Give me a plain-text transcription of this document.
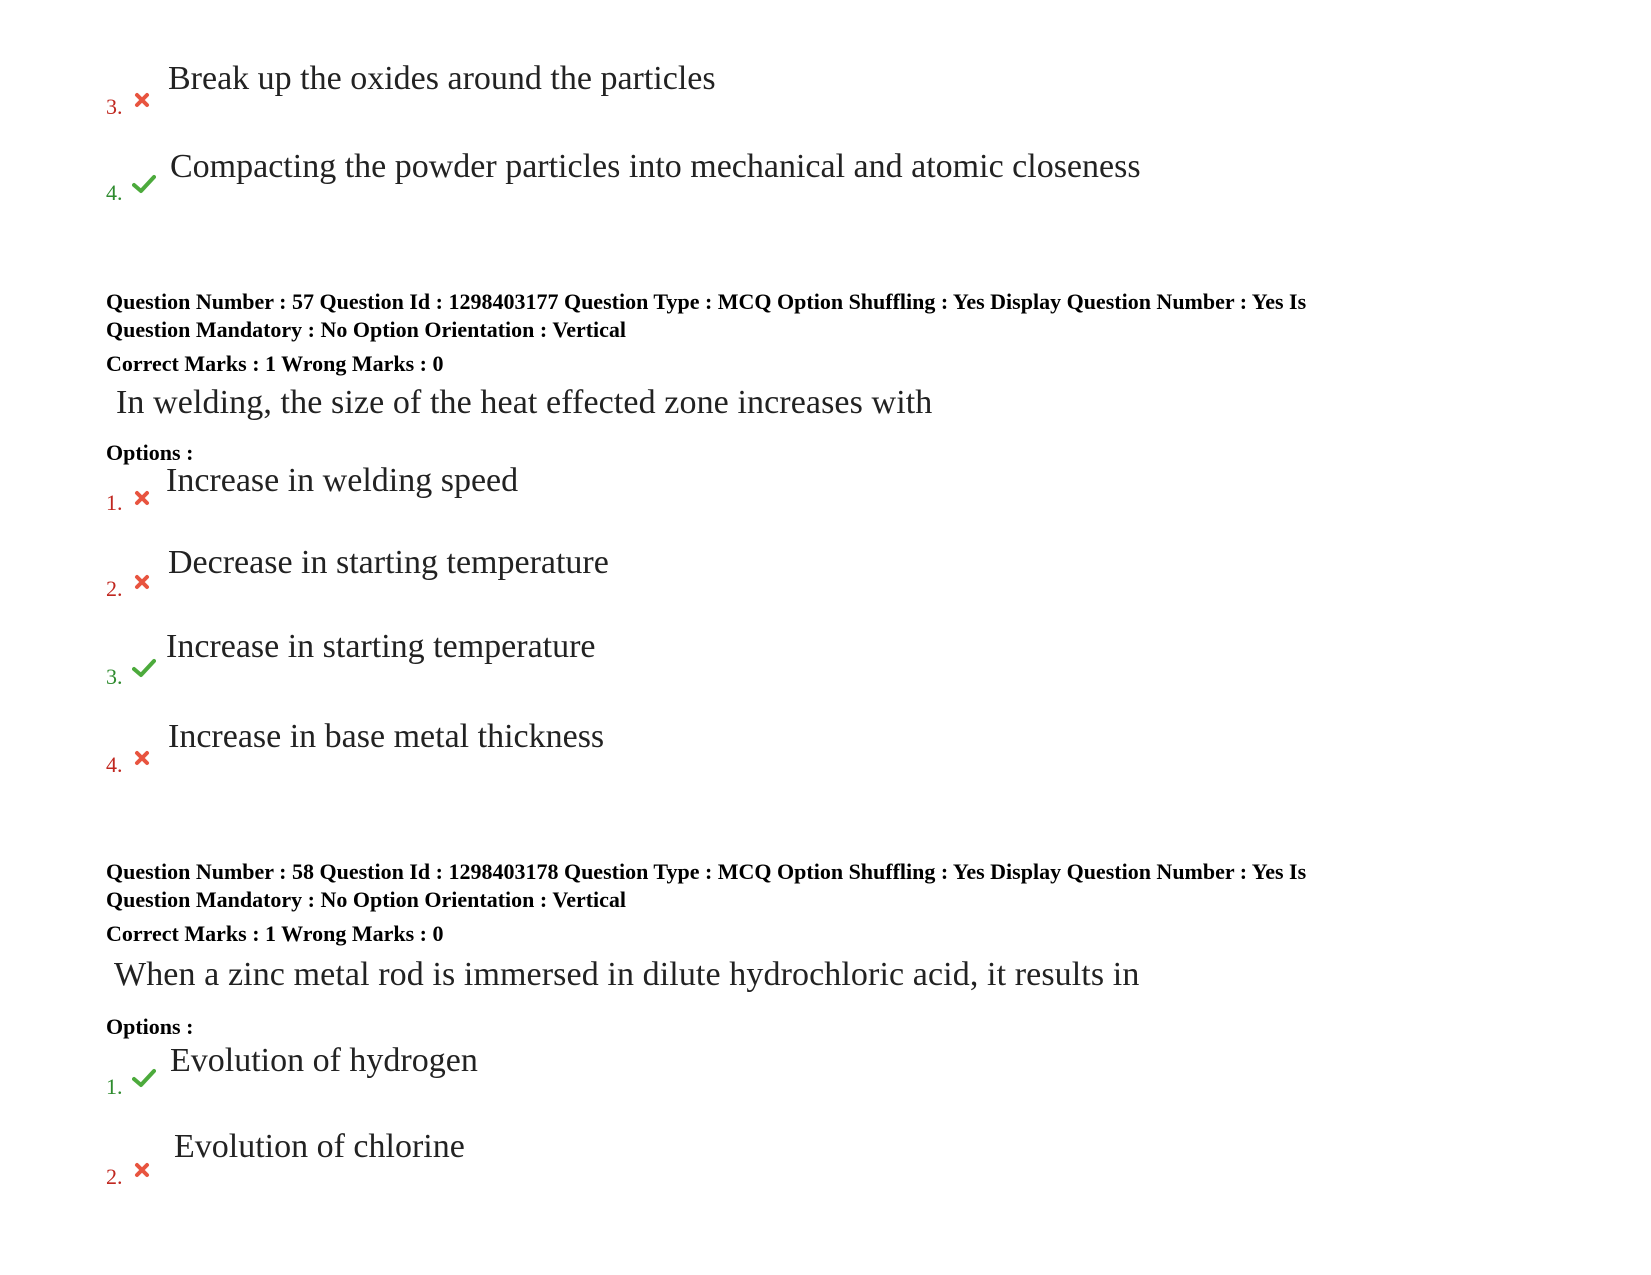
3.
Break up the oxides around the particles
4.
Compacting the powder particles into mechanical and atomic closeness
Question Number : 57 Question Id : 1298403177 Question Type : MCQ Option Shuffling : Yes Display Question Number : Yes Is
Question Mandatory : No Option Orientation : Vertical
Correct Marks : 1 Wrong Marks : 0
In welding, the size of the heat effected zone increases with
Options :
1.
Increase in welding speed
2.
Decrease in starting temperature
3.
Increase in starting temperature
4.
Increase in base metal thickness
Question Number : 58 Question Id : 1298403178 Question Type : MCQ Option Shuffling : Yes Display Question Number : Yes Is
Question Mandatory : No Option Orientation : Vertical
Correct Marks : 1 Wrong Marks : 0
When a zinc metal rod is immersed in dilute hydrochloric acid, it results in
Options :
1.
Evolution of hydrogen
2.
Evolution of chlorine
